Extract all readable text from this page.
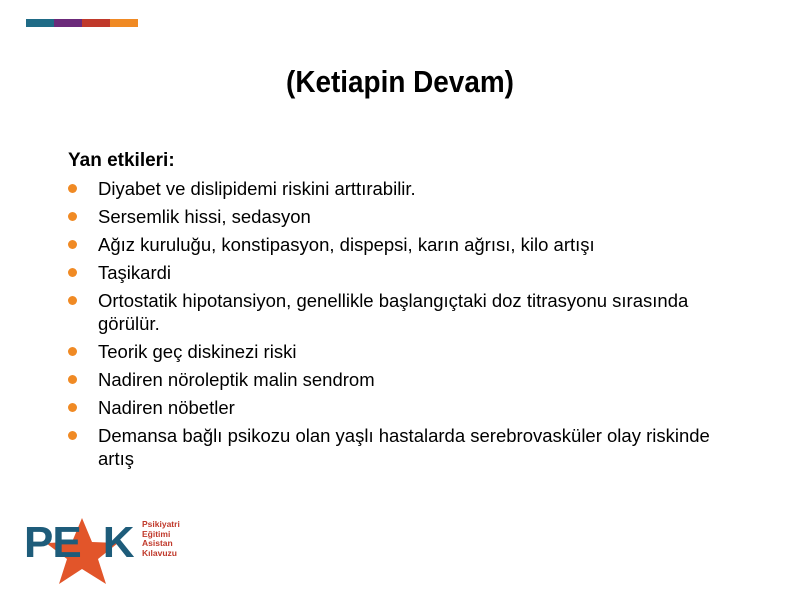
(Ketiapin Devam)
Yan etkileri:
Diyabet ve dislipidemi riskini arttırabilir.
Sersemlik hissi, sedasyon
Ağız kuruluğu, konstipasyon, dispepsi, karın ağrısı, kilo artışı
Taşikardi
Ortostatik hipotansiyon, genellikle başlangıçtaki doz titrasyonu sırasında görülür.
Teorik geç diskinezi riski
Nadiren nöroleptik malin sendrom
Nadiren nöbetler
Demansa bağlı psikozu olan yaşlı hastalarda serebrovasküler olay riskinde artış
PE K Psikiyatri
Eğitimi
Asistan
Kılavuzu
